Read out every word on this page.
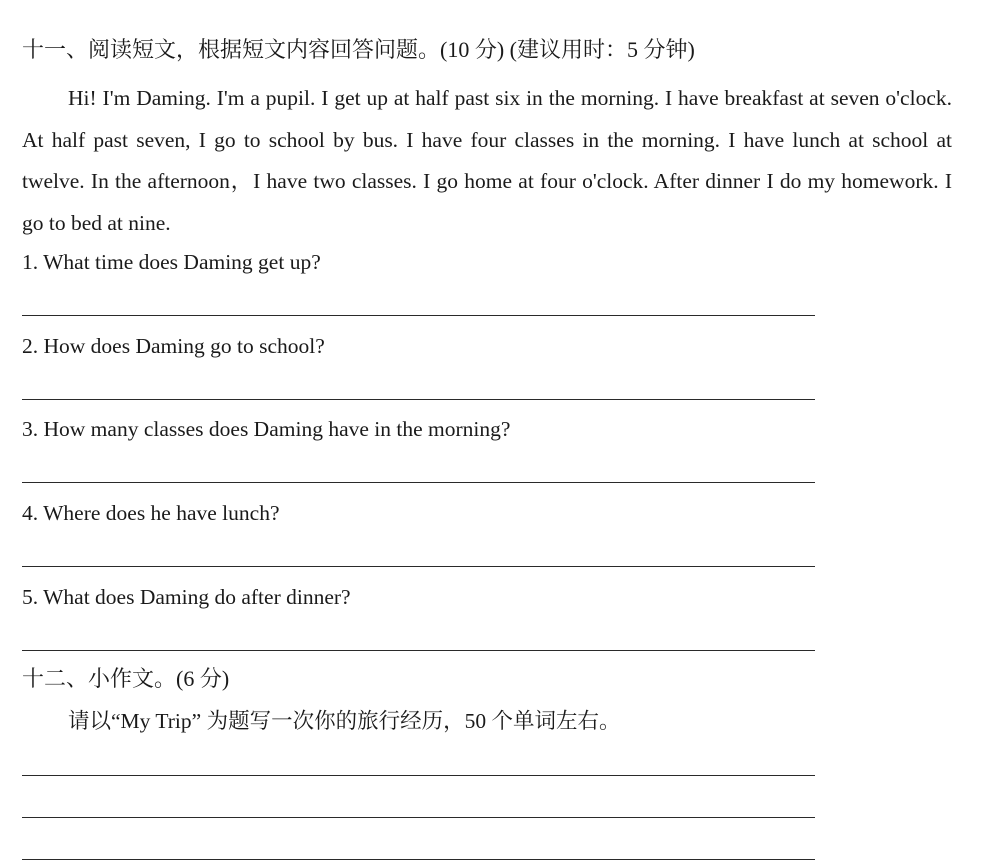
十一、阅读短文，根据短文内容回答问题。(10 分) (建议用时：5 分钟)

Hi! I'm Daming. I'm a pupil. I get up at half past six in the morning. I have breakfast at seven o'clock. At half past seven, I go to school by bus. I have four classes in the morning. I have lunch at school at twelve. In the afternoon，I have two classes. I go home at four o'clock. After dinner I do my homework. I go to bed at nine.

1. What time does Daming get up?
2. How does Daming go to school?
3. How many classes does Daming have in the morning?
4. Where does he have lunch?
5. What does Daming do after dinner?
十二、小作文。(6 分)
请以“My Trip” 为题写一次你的旅行经历，50 个单词左右。
